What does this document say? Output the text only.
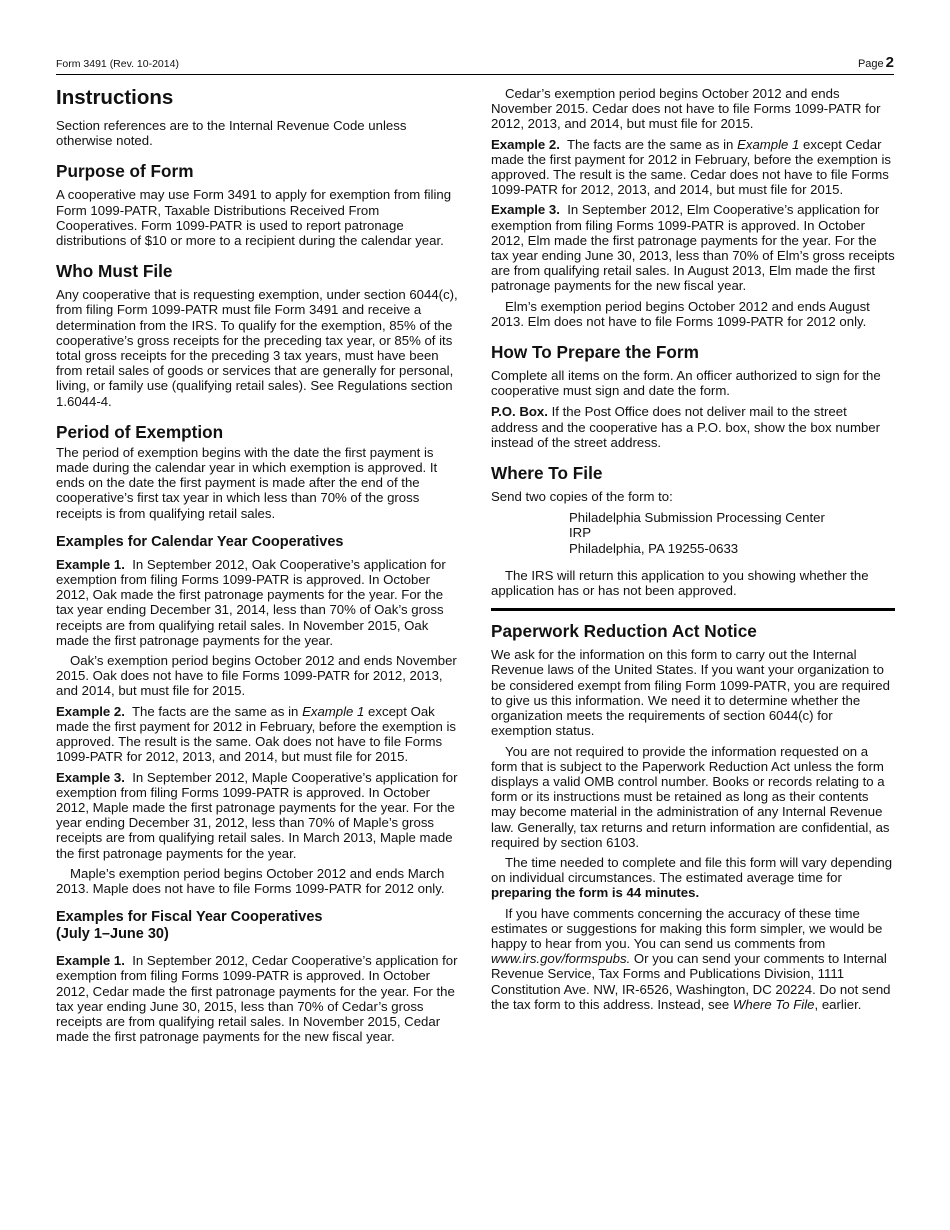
Form 3491 (Rev. 10-2014)	Page 2
Instructions

Section references are to the Internal Revenue Code unless otherwise noted.

Purpose of Form

A cooperative may use Form 3491 to apply for exemption from filing Form 1099-PATR, Taxable Distributions Received From Cooperatives. Form 1099-PATR is used to report patronage distributions of $10 or more to a recipient during the calendar year.

Who Must File

Any cooperative that is requesting exemption, under section 6044(c), from filing Form 1099-PATR must file Form 3491 and receive a determination from the IRS. To qualify for the exemption, 85% of the cooperative’s gross receipts for the preceding tax year, or 85% of its total gross receipts for the preceding 3 tax years, must have been from retail sales of goods or services that are generally for personal, living, or family use (qualifying retail sales). See Regulations section 1.6044-4.

Period of Exemption

The period of exemption begins with the date the first payment is made during the calendar year in which exemption is approved. It ends on the date the first payment is made after the end of the cooperative’s first tax year in which less than 70% of the gross receipts is from qualifying retail sales.

Examples for Calendar Year Cooperatives

Example 1. In September 2012, Oak Cooperative’s application for exemption from filing Forms 1099-PATR is approved. In October 2012, Oak made the first patronage payments for the year. For the tax year ending December 31, 2014, less than 70% of Oak’s gross receipts are from qualifying retail sales. In November 2015, Oak made the first patronage payments for the year.

Oak’s exemption period begins October 2012 and ends November 2015. Oak does not have to file Forms 1099-PATR for 2012, 2013, and 2014, but must file for 2015.

Example 2. The facts are the same as in Example 1 except Oak made the first payment for 2012 in February, before the exemption is approved. The result is the same. Oak does not have to file Forms 1099-PATR for 2012, 2013, and 2014, but must file for 2015.

Example 3. In September 2012, Maple Cooperative’s application for exemption from filing Forms 1099-PATR is approved. In October 2012, Maple made the first patronage payments for the year. For the year ending December 31, 2012, less than 70% of Maple’s gross receipts are from qualifying retail sales. In March 2013, Maple made the first patronage payments for the year.

Maple’s exemption period begins October 2012 and ends March 2013. Maple does not have to file Forms 1099-PATR for 2012 only.

Examples for Fiscal Year Cooperatives
(July 1–June 30)

Example 1. In September 2012, Cedar Cooperative’s application for exemption from filing Forms 1099-PATR is approved. In October 2012, Cedar made the first patronage payments for the year. For the tax year ending June 30, 2015, less than 70% of Cedar’s gross receipts are from qualifying retail sales. In November 2015, Cedar made the first patronage payments for the new fiscal year.

Cedar’s exemption period begins October 2012 and ends November 2015. Cedar does not have to file Forms 1099-PATR for 2012, 2013, and 2014, but must file for 2015.

Example 2. The facts are the same as in Example 1 except Cedar made the first payment for 2012 in February, before the exemption is approved. The result is the same. Cedar does not have to file Forms 1099-PATR for 2012, 2013, and 2014, but must file for 2015.

Example 3. In September 2012, Elm Cooperative’s application for exemption from filing Forms 1099-PATR is approved. In October 2012, Elm made the first patronage payments for the year. For the tax year ending June 30, 2013, less than 70% of Elm’s gross receipts are from qualifying retail sales. In August 2013, Elm made the first patronage payments for the new fiscal year.

Elm’s exemption period begins October 2012 and ends August 2013. Elm does not have to file Forms 1099-PATR for 2012 only.

How To Prepare the Form

Complete all items on the form. An officer authorized to sign for the cooperative must sign and date the form.

P.O. Box. If the Post Office does not deliver mail to the street address and the cooperative has a P.O. box, show the box number instead of the street address.

Where To File

Send two copies of the form to:

Philadelphia Submission Processing Center
IRP
Philadelphia, PA 19255-0633

The IRS will return this application to you showing whether the application has or has not been approved.

Paperwork Reduction Act Notice

We ask for the information on this form to carry out the Internal Revenue laws of the United States. If you want your organization to be considered exempt from filing Form 1099-PATR, you are required to give us this information. We need it to determine whether the organization meets the requirements of section 6044(c) for exemption status.

You are not required to provide the information requested on a form that is subject to the Paperwork Reduction Act unless the form displays a valid OMB control number. Books or records relating to a form or its instructions must be retained as long as their contents may become material in the administration of any Internal Revenue law. Generally, tax returns and return information are confidential, as required by section 6103.

The time needed to complete and file this form will vary depending on individual circumstances. The estimated average time for preparing the form is 44 minutes.

If you have comments concerning the accuracy of these time estimates or suggestions for making this form simpler, we would be happy to hear from you. You can send us comments from www.irs.gov/formspubs. Or you can send your comments to Internal Revenue Service, Tax Forms and Publications Division, 1111 Constitution Ave. NW, IR-6526, Washington, DC 20224. Do not send the tax form to this address. Instead, see Where To File, earlier.
